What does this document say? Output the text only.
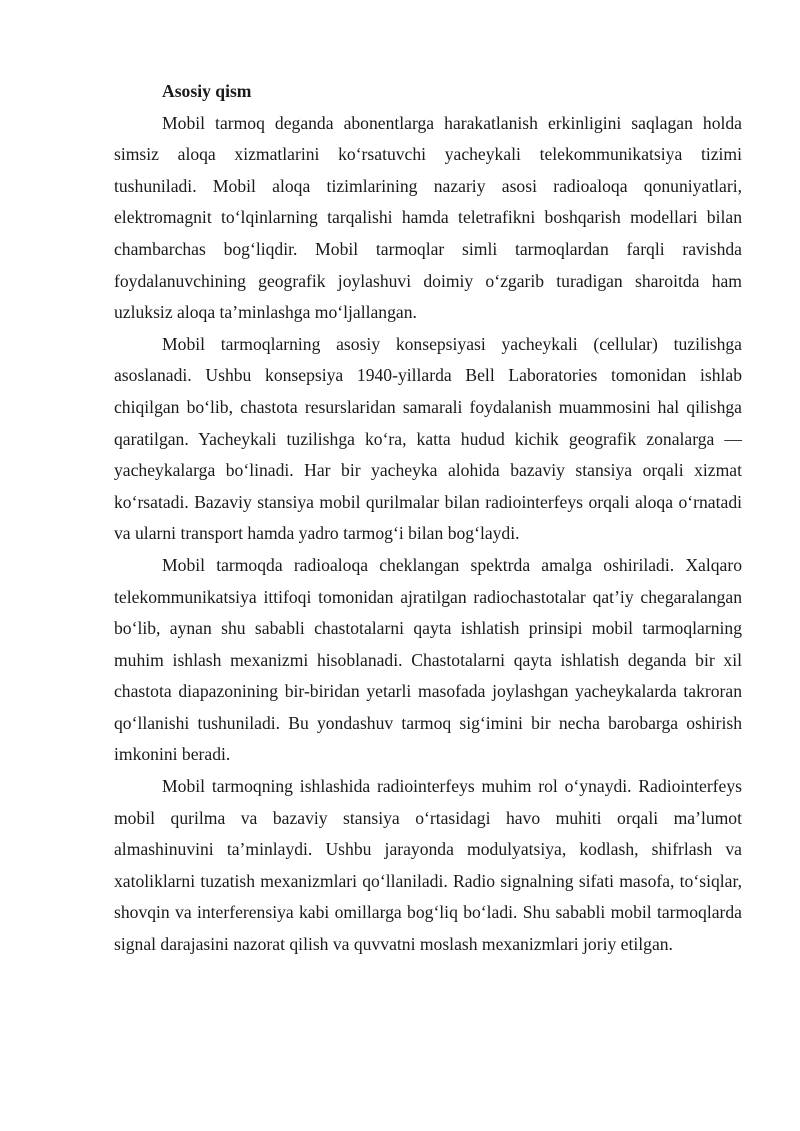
Asosiy qism

Mobil tarmoq deganda abonentlarga harakatlanish erkinligini saqlagan holda simsiz aloqa xizmatlarini ko‘rsatuvchi yacheykali telekommunikatsiya tizimi tushuniladi. Mobil aloqa tizimlarining nazariy asosi radioaloqa qonuniyatlari, elektromagnit to‘lqinlarning tarqalishi hamda teletrafikni boshqarish modellari bilan chambarchas bog‘liqdir. Mobil tarmoqlar simli tarmoqlardan farqli ravishda foydalanuvchining geografik joylashuvi doimiy o‘zgarib turadigan sharoitda ham uzluksiz aloqa ta’minlashga mo‘ljallangan.

Mobil tarmoqlarning asosiy konsepsiyasi yacheykali (cellular) tuzilishga asoslanadi. Ushbu konsepsiya 1940-yillarda Bell Laboratories tomonidan ishlab chiqilgan bo‘lib, chastota resurslaridan samarali foydalanish muammosini hal qilishga qaratilgan. Yacheykali tuzilishga ko‘ra, katta hudud kichik geografik zonalarga — yacheykalarga bo‘linadi. Har bir yacheyka alohida bazaviy stansiya orqali xizmat ko‘rsatadi. Bazaviy stansiya mobil qurilmalar bilan radiointerfeys orqali aloqa o‘rnatadi va ularni transport hamda yadro tarmog‘i bilan bog‘laydi.

Mobil tarmoqda radioaloqa cheklangan spektrda amalga oshiriladi. Xalqaro telekommunikatsiya ittifoqi tomonidan ajratilgan radiochastotalar qat’iy chegaralangan bo‘lib, aynan shu sababli chastotalarni qayta ishlatish prinsipi mobil tarmoqlarning muhim ishlash mexanizmi hisoblanadi. Chastotalarni qayta ishlatish deganda bir xil chastota diapazonining bir-biridan yetarli masofada joylashgan yacheykalarda takroran qo‘llanishi tushuniladi. Bu yondashuv tarmoq sig‘imini bir necha barobarga oshirish imkonini beradi.

Mobil tarmoqning ishlashida radiointerfeys muhim rol o‘ynaydi. Radiointerfeys mobil qurilma va bazaviy stansiya o‘rtasidagi havo muhiti orqali ma’lumot almashinuvini ta’minlaydi. Ushbu jarayonda modulyatsiya, kodlash, shifrlash va xatoliklarni tuzatish mexanizmlari qo‘llaniladi. Radio signalning sifati masofa, to‘siqlar, shovqin va interferensiya kabi omillarga bog‘liq bo‘ladi. Shu sababli mobil tarmoqlarda signal darajasini nazorat qilish va quvvatni moslash mexanizmlari joriy etilgan.
